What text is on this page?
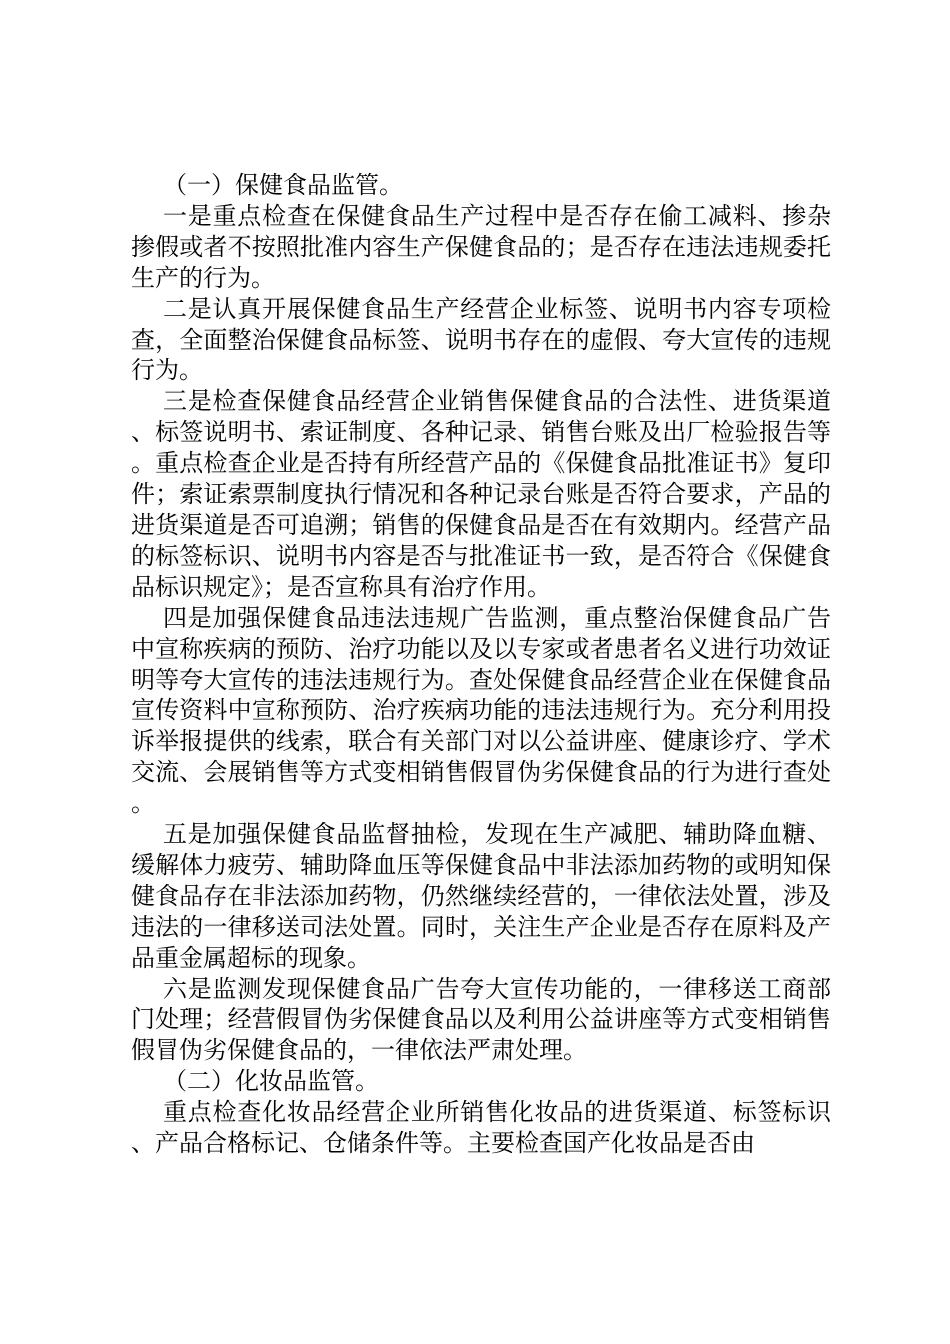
（一）保健食品监管。

一是重点检查在保健食品生产过程中是否存在偷工减料、掺杂掺假或者不按照批准内容生产保健食品的；是否存在违法违规委托生产的行为。

二是认真开展保健食品生产经营企业标签、说明书内容专项检查，全面整治保健食品标签、说明书存在的虚假、夸大宣传的违规行为。

三是检查保健食品经营企业销售保健食品的合法性、进货渠道、标签说明书、索证制度、各种记录、销售台账及出厂检验报告等。重点检查企业是否持有所经营产品的《保健食品批准证书》复印件；索证索票制度执行情况和各种记录台账是否符合要求，产品的进货渠道是否可追溯；销售的保健食品是否在有效期内。经营产品的标签标识、说明书内容是否与批准证书一致，是否符合《保健食品标识规定》；是否宣称具有治疗作用。

四是加强保健食品违法违规广告监测，重点整治保健食品广告中宣称疾病的预防、治疗功能以及以专家或者患者名义进行功效证明等夸大宣传的违法违规行为。查处保健食品经营企业在保健食品宣传资料中宣称预防、治疗疾病功能的违法违规行为。充分利用投诉举报提供的线索，联合有关部门对以公益讲座、健康诊疗、学术交流、会展销售等方式变相销售假冒伪劣保健食品的行为进行查处。

五是加强保健食品监督抽检，发现在生产减肥、辅助降血糖、缓解体力疲劳、辅助降血压等保健食品中非法添加药物的或明知保健食品存在非法添加药物，仍然继续经营的，一律依法处置，涉及违法的一律移送司法处置。同时，关注生产企业是否存在原料及产品重金属超标的现象。

六是监测发现保健食品广告夸大宣传功能的，一律移送工商部门处理；经营假冒伪劣保健食品以及利用公益讲座等方式变相销售假冒伪劣保健食品的，一律依法严肃处理。

（二）化妆品监管。

重点检查化妆品经营企业所销售化妆品的进货渠道、标签标识、产品合格标记、仓储条件等。主要检查国产化妆品是否由
